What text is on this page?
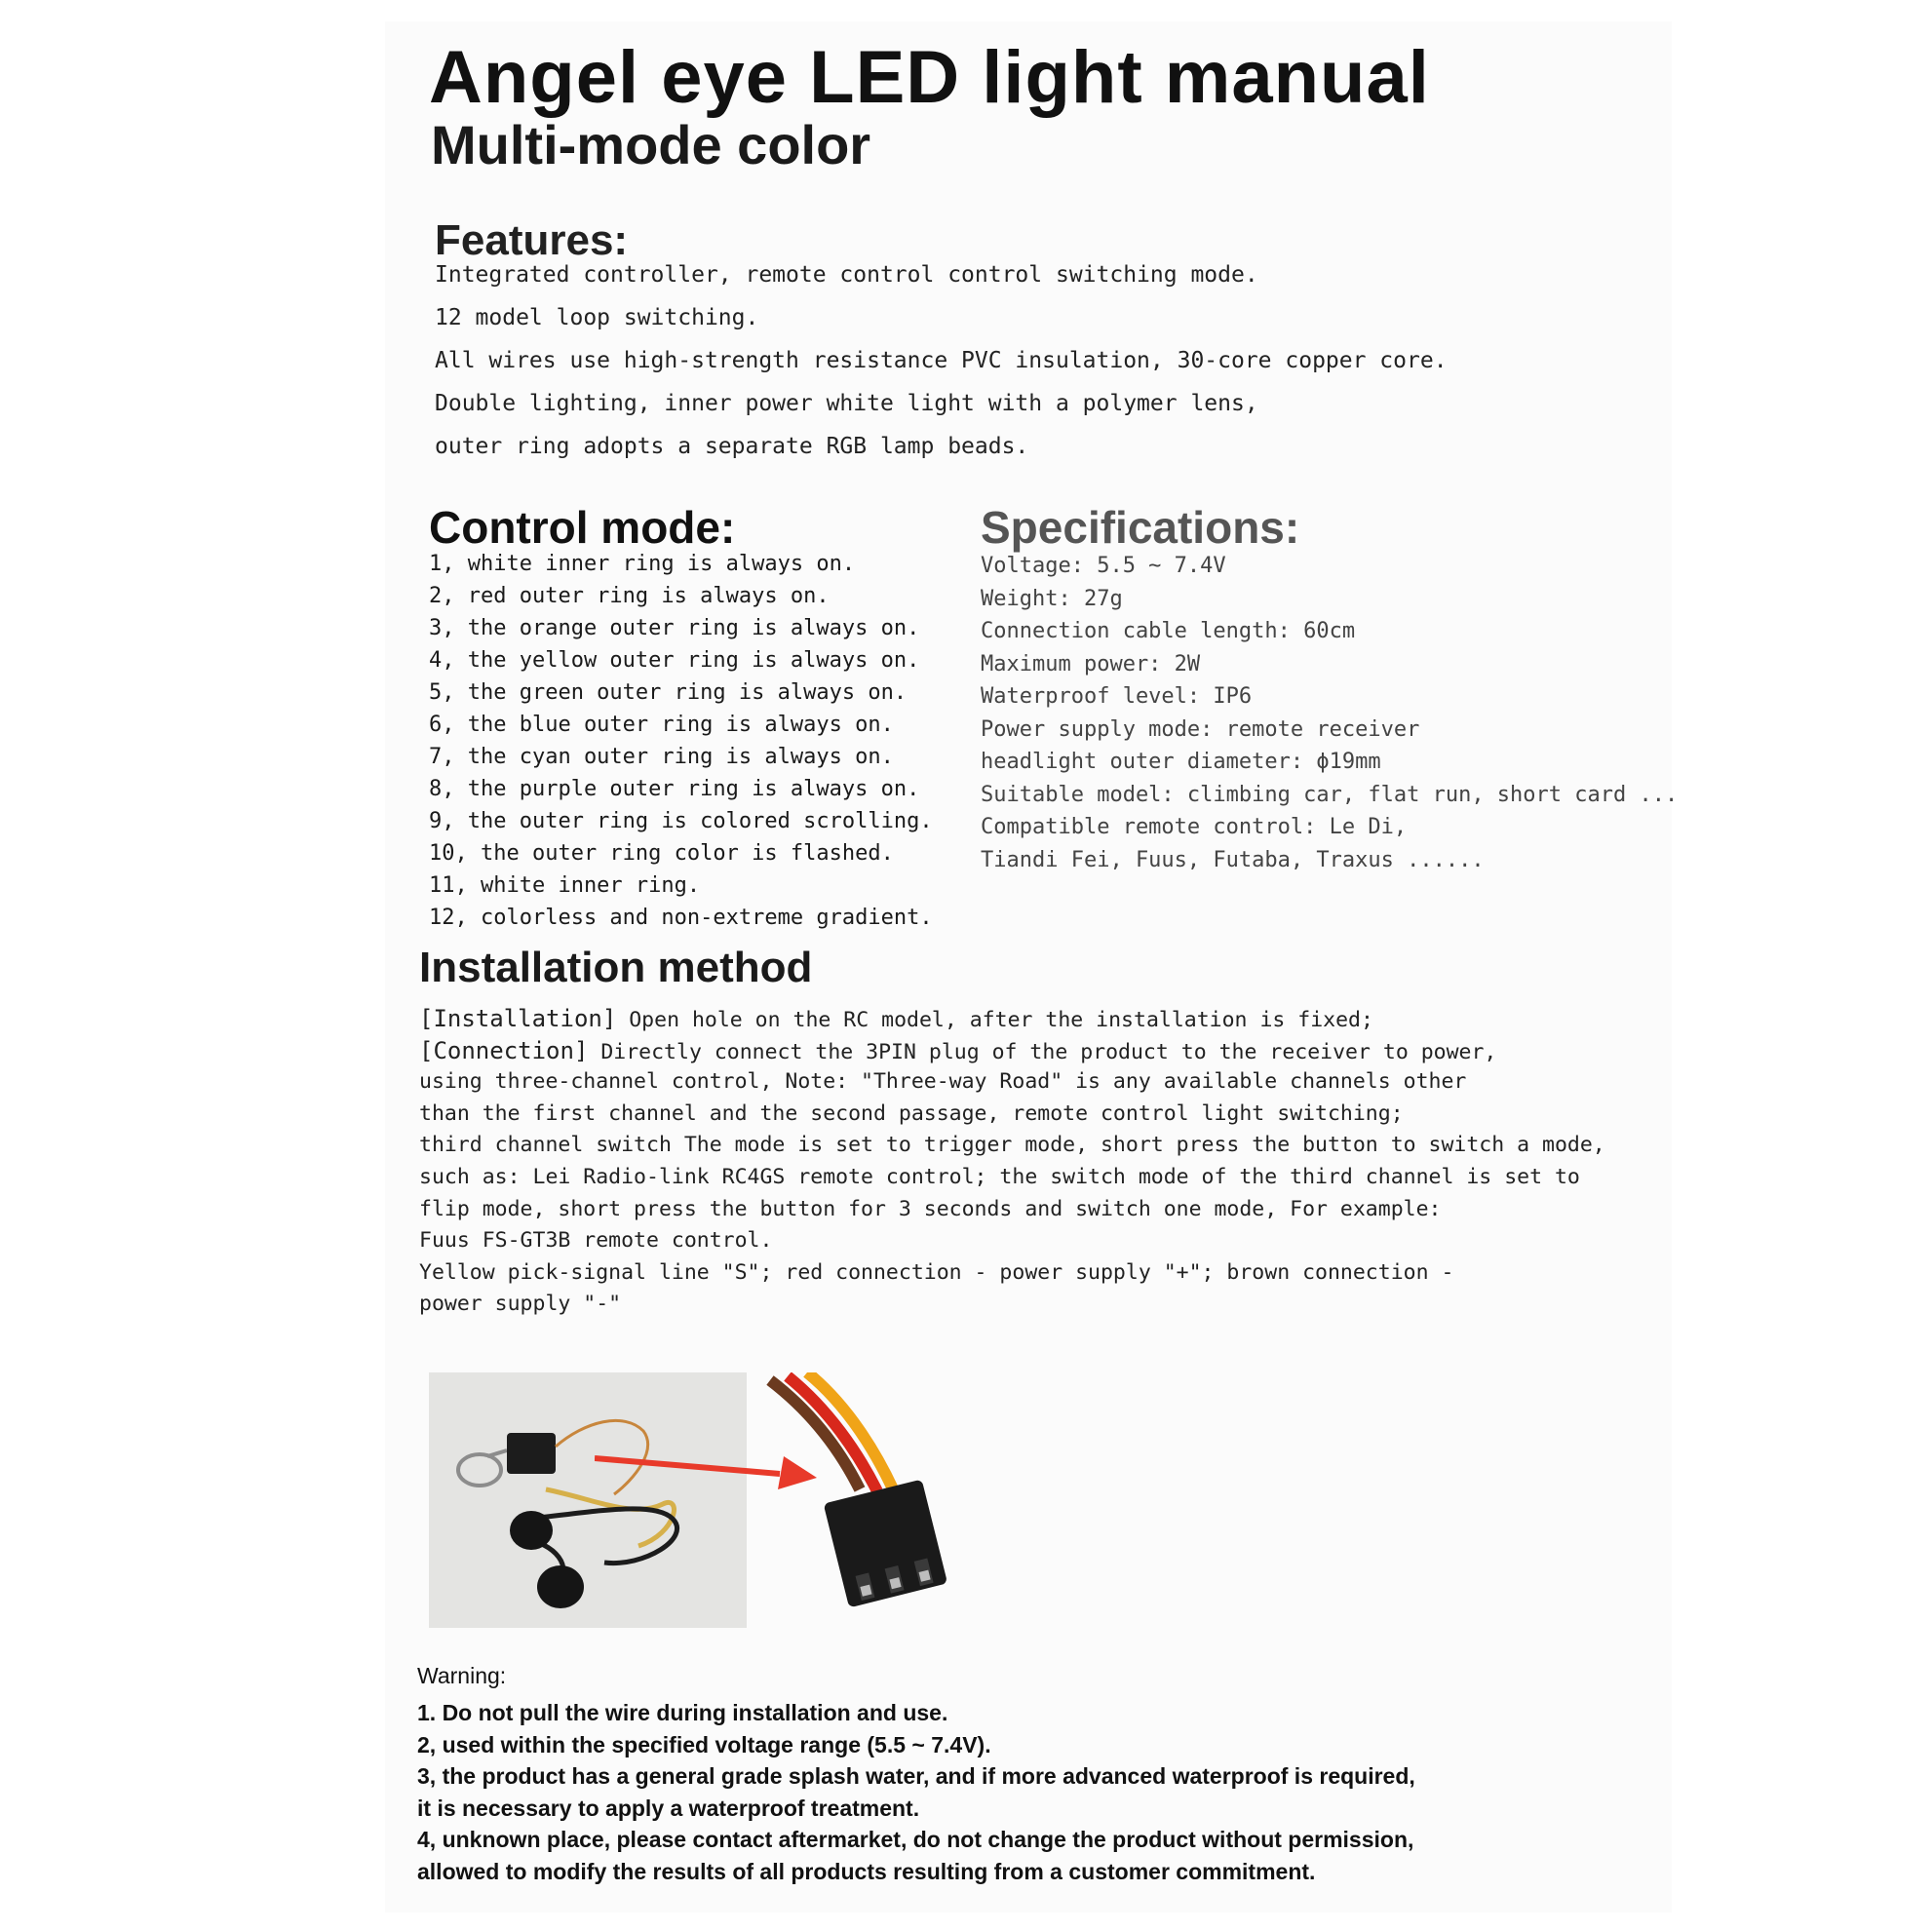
Angel eye LED light manual
Multi-mode color
Features:
Integrated controller, remote control control switching mode.
12 model loop switching.
All wires use high-strength resistance PVC insulation, 30-core copper core.
Double lighting, inner power white light with a polymer lens,
outer ring adopts a separate RGB lamp beads.
Control mode:
1, white inner ring is always on.
2, red outer ring is always on.
3, the orange outer ring is always on.
4, the yellow outer ring is always on.
5, the green outer ring is always on.
6, the blue outer ring is always on.
7, the cyan outer ring is always on.
8, the purple outer ring is always on.
9, the outer ring is colored scrolling.
10, the outer ring color is flashed.
11, white inner ring.
12, colorless and non-extreme gradient.
Specifications:
Voltage: 5.5 ~ 7.4V
Weight: 27g
Connection cable length: 60cm
Maximum power: 2W
Waterproof level: IP6
Power supply mode: remote receiver
headlight outer diameter: ϕ19mm
Suitable model: climbing car, flat run, short card ...
Compatible remote control: Le Di,
Tiandi Fei, Fuus, Futaba, Traxus ......
Installation method
[Installation] Open hole on the RC model, after the installation is fixed;
[Connection] Directly connect the 3PIN plug of the product to the receiver to power,
using three-channel control, Note: "Three-way Road" is any available channels other
than the first channel and the second passage, remote control light switching;
third channel switch The mode is set to trigger mode, short press the button to switch a mode,
such as: Lei Radio-link RC4GS remote control; the switch mode of the third channel is set to
flip mode, short press the button for 3 seconds and switch one mode, For example:
Fuus FS-GT3B remote control.
Yellow pick-signal line "S"; red connection - power supply "+"; brown connection -
power supply "-"
Warning:
1. Do not pull the wire during installation and use.
2, used within the specified voltage range (5.5 ~ 7.4V).
3, the product has a general grade splash water, and if more advanced waterproof is required,
it is necessary to apply a waterproof treatment.
4, unknown place, please contact aftermarket, do not change the product without permission,
allowed to modify the results of all products resulting from a customer commitment.
